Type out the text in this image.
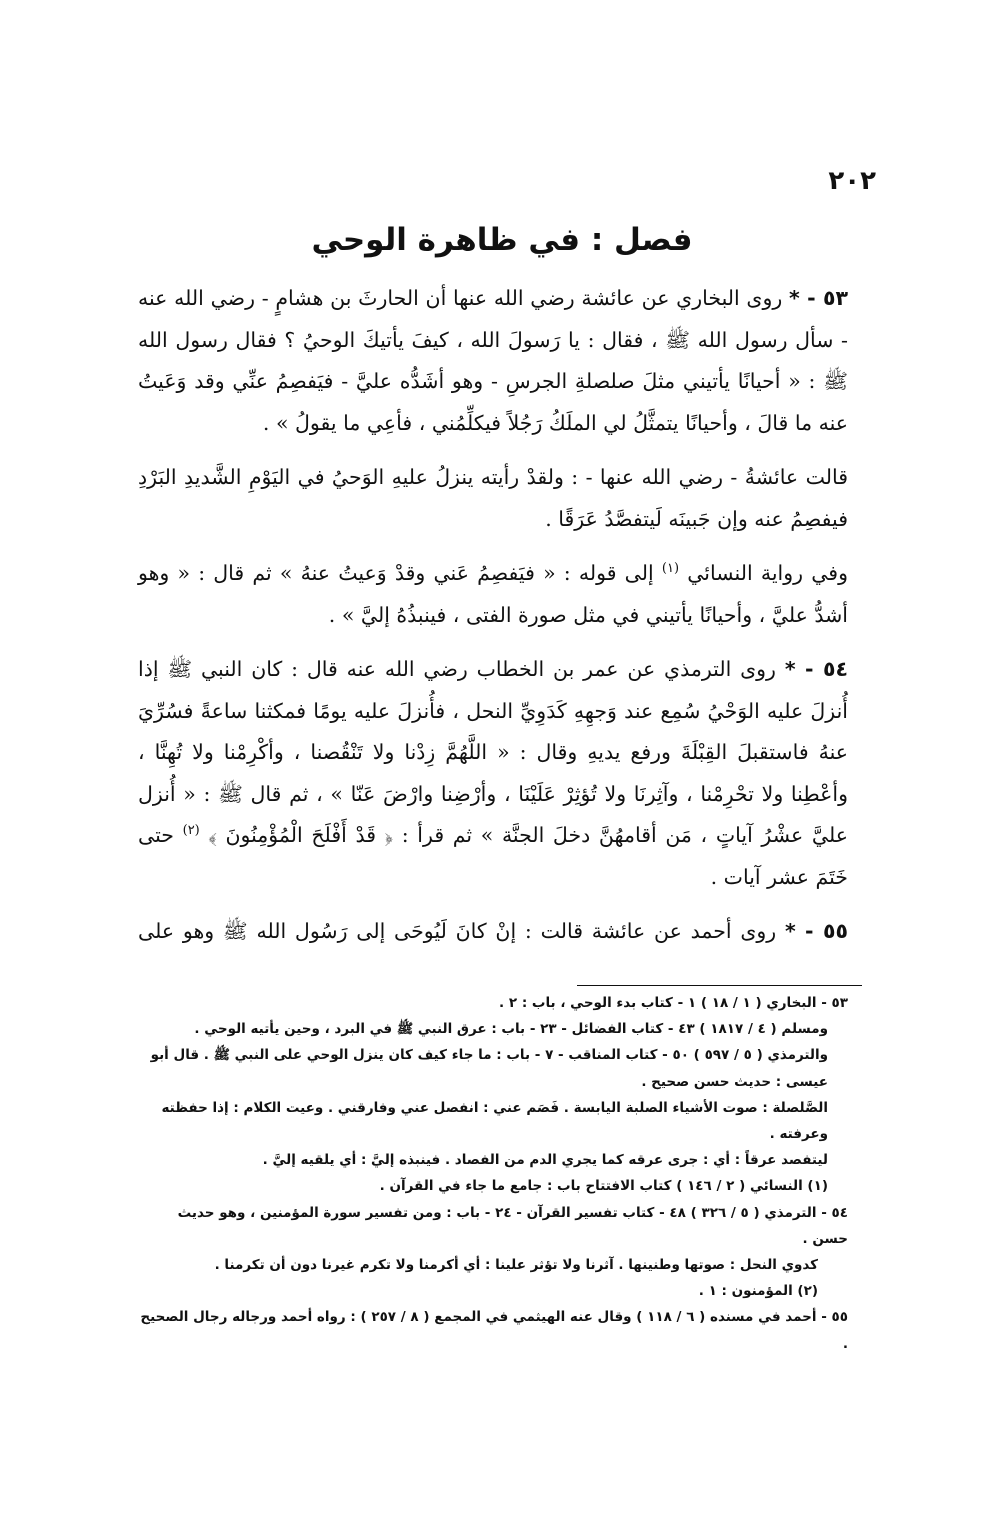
٢٠٢
فصل : في ظاهرة الوحي

٥٣ - * روى البخاري عن عائشة رضي الله عنها أن الحارثَ بن هشامٍ - رضي الله عنه - سأل رسول الله ﷺ ، فقال : يا رَسولَ الله ، كيفَ يأتيكَ الوحيُ ؟ فقال رسول الله ﷺ : « أحيانًا يأتيني مثلَ صلصلةِ الجرسِ - وهو أشَدُّه عليَّ - فيَفصِمُ عنِّي وقد وَعَيتُ عنه ما قالَ ، وأحيانًا يتمثَّلُ لي الملَكُ رَجُلاً فيكلِّمُني ، فأعِي ما يقولُ » .

قالت عائشةُ - رضي الله عنها - : ولقدْ رأيته ينزلُ عليهِ الوَحيُ في اليَوْمِ الشَّديدِ البَرْدِ فيفصِمُ عنه وإن جَبينَه لَيتفصَّدُ عَرَقًا .

وفي رواية النسائي $^{(١)}$ إلى قوله : « فيَفصِمُ عَني وقدْ وَعيتُ عنهُ » ثم قال : « وهو أشدُّ عليَّ ، وأحيانًا يأتيني في مثل صورة الفتى ، فينبذُهُ إليَّ » .

٥٤ - * روى الترمذي عن عمر بن الخطاب رضي الله عنه قال : كان النبي ﷺ إذا أُنزلَ عليه الوَحْيُ سُمِع عند وَجهِهِ كَدَوِيِّ النحل ، فأُنزلَ عليه يومًا فمكثنا ساعةً فسُرِّيَ عنهُ فاستقبلَ القِبْلَةَ ورفع يديهِ وقال : « اللَّهُمَّ زِدْنا ولا تَنْقُصنا ، وأكْرِمْنا ولا تُهِنَّا ، وأعْطِنا ولا تحْرِمْنا ، وآثِرنَا ولا تُؤثِرْ عَلَيْنَا ، وأرْضِنا وارْضَ عَنّا » ، ثم قال ﷺ : « أُنزل عليَّ عشْرُ آياتٍ ، مَن أقامهُنَّ دخلَ الجنَّة » ثم قرأ : ﴿ قَدْ أَفْلَحَ الْمُؤْمِنُونَ ﴾ $^{(٢)}$ حتى خَتَمَ عشر آيات .

٥٥ - * روى أحمد عن عائشة قالت : إنْ كانَ لَيُوحَى إلى رَسُول الله ﷺ وهو على

٥٣ - البخاري ( ١ / ١٨ ) ١ - كتاب بدء الوحي ، باب : ٢ .

ومسلم ( ٤ / ١٨١٧ ) ٤٣ - كتاب الفضائل - ٢٣ - باب : عرق النبي ﷺ في البرد ، وحين يأتيه الوحي .

والترمذي ( ٥ / ٥٩٧ ) ٥٠ - كتاب المناقب - ٧ - باب : ما جاء كيف كان ينزل الوحي على النبي ﷺ . قال أبو

عيسى : حديث حسن صحيح .

الصَّلصلة : صوت الأشياء الصلبة اليابسة . فَصَم عني : انفصل عني وفارقني . وعيت الكلام : إذا حفظته وعرفته .

ليتفصد عرقاً : أي : جرى عرقه كما يجري الدم من الفصاد . فينبذه إليَّ : أي يلقيه إليَّ .

(١) النسائي ( ٢ / ١٤٦ ) كتاب الافتتاح باب : جامع ما جاء في القرآن .

٥٤ - الترمذي ( ٥ / ٣٢٦ ) ٤٨ - كتاب تفسير القرآن - ٢٤ - باب : ومن تفسير سورة المؤمنين ، وهو حديث حسن .

كدوي النحل : صوتها وطنينها . آثرنا ولا تؤثر علينا : أي أكرمنا ولا تكرم غيرنا دون أن تكرمنا .

(٢) المؤمنون : ١ .

٥٥ - أحمد في مسنده ( ٦ / ١١٨ ) وقال عنه الهيثمي في المجمع ( ٨ / ٢٥٧ ) : رواه أحمد ورجاله رجال الصحيح .
